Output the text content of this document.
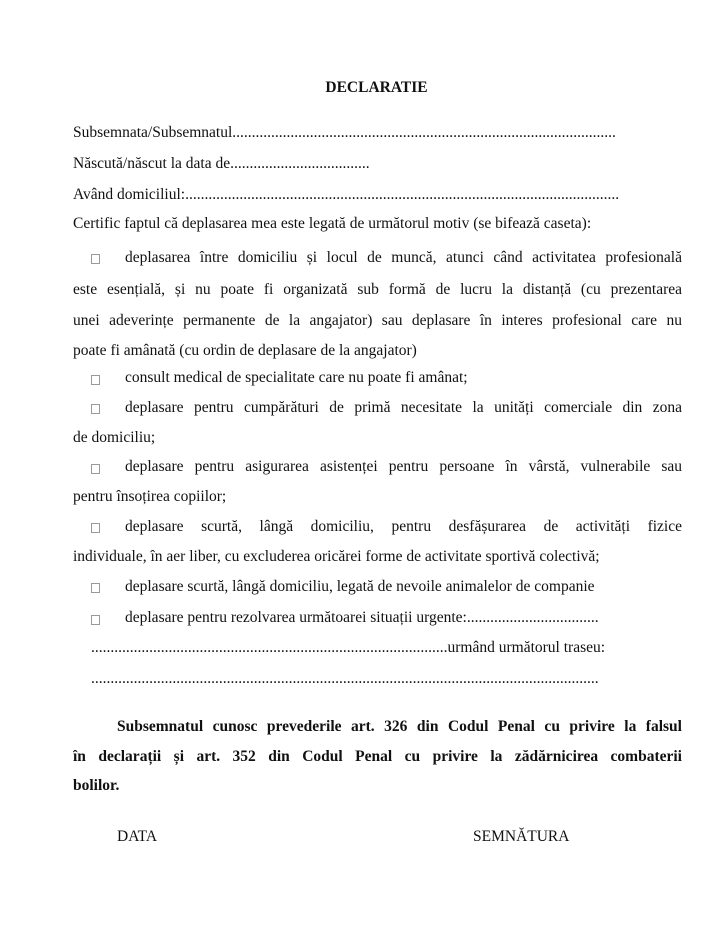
DECLARATIE
Subsemnata/Subsemnatul...................................................................................................
Născută/născut la data de....................................
Având domiciliul:................................................................................................................
Certific faptul că deplasarea mea este legată de următorul motiv (se bifează caseta):
deplasarea între domiciliu și locul de muncă, atunci când activitatea profesională
este esențială, și nu poate fi organizată sub formă de lucru la distanță (cu prezentarea
unei adeverințe permanente de la angajator) sau deplasare în interes profesional care nu
poate fi amânată (cu ordin de deplasare de la angajator)
consult medical de specialitate care nu poate fi amânat;
deplasare pentru cumpărături de primă necesitate la unități comerciale din zona
de domiciliu;
deplasare pentru asigurarea asistenței pentru persoane în vârstă, vulnerabile sau
pentru însoțirea copiilor;
deplasare scurtă, lângă domiciliu, pentru desfășurarea de activități fizice
individuale, în aer liber, cu excluderea oricărei forme de activitate sportivă colectivă;
deplasare scurtă, lângă domiciliu, legată de nevoile animalelor de companie
deplasare pentru rezolvarea următoarei situații urgente:..................................
............................................................................................urmând următorul traseu:
...................................................................................................................................
Subsemnatul cunosc prevederile art. 326 din Codul Penal cu privire la falsul
în declarații și art. 352 din Codul Penal cu privire la zădărnicirea combaterii
bolilor.
DATA	SEMNĂTURA
